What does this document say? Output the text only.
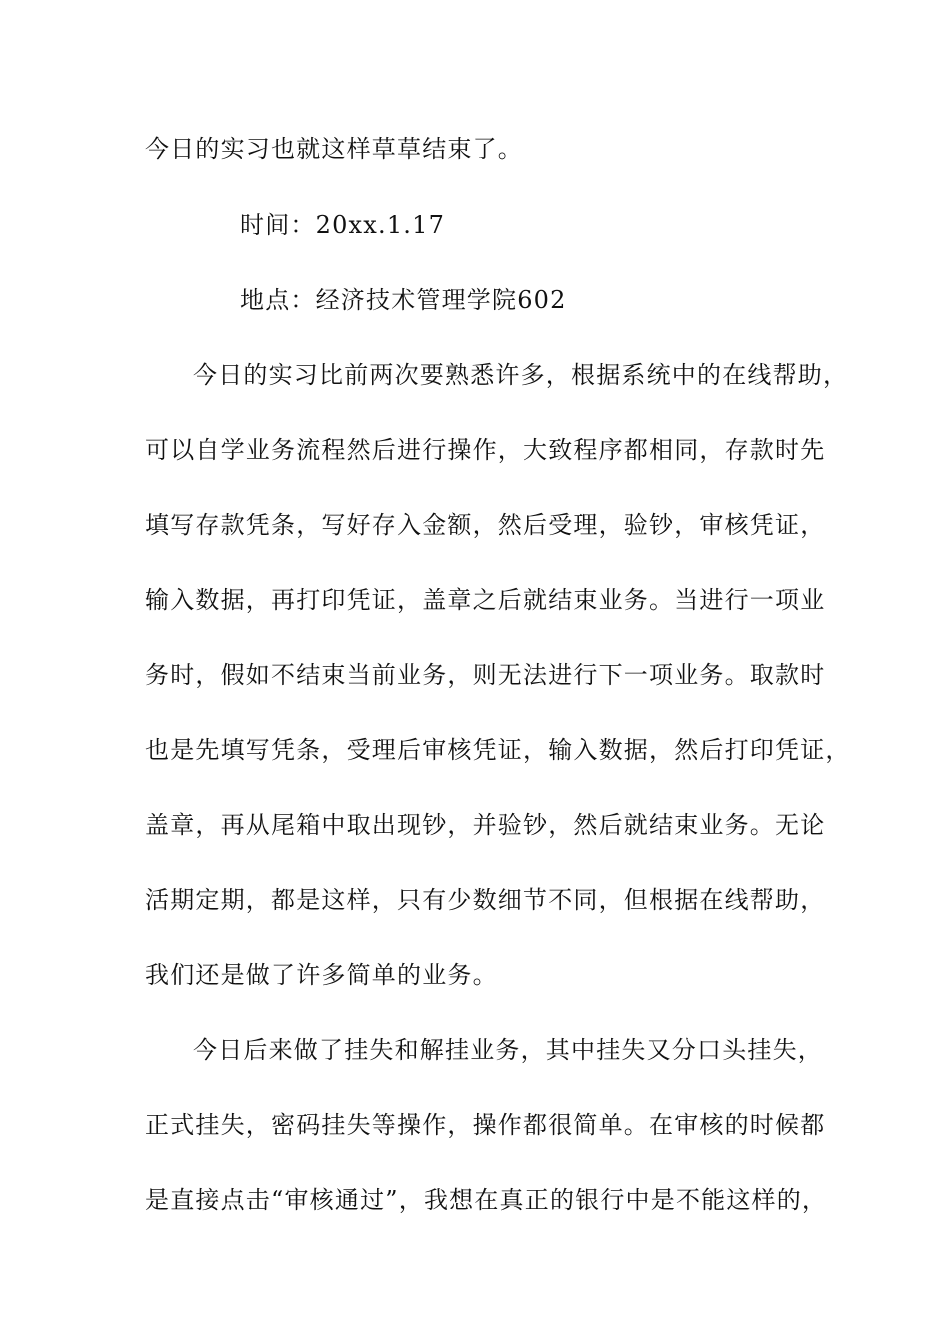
今日的实习也就这样草草结束了。
时间：20xx.1.17
地点：经济技术管理学院602
今日的实习比前两次要熟悉许多，根据系统中的在线帮助，
可以自学业务流程然后进行操作，大致程序都相同，存款时先
填写存款凭条，写好存入金额，然后受理，验钞，审核凭证，
输入数据，再打印凭证，盖章之后就结束业务。当进行一项业
务时，假如不结束当前业务，则无法进行下一项业务。取款时
也是先填写凭条，受理后审核凭证，输入数据，然后打印凭证，
盖章，再从尾箱中取出现钞，并验钞，然后就结束业务。无论
活期定期，都是这样，只有少数细节不同，但根据在线帮助，
我们还是做了许多简单的业务。
今日后来做了挂失和解挂业务，其中挂失又分口头挂失，
正式挂失，密码挂失等操作，操作都很简单。在审核的时候都
是直接点击“审核通过”，我想在真正的银行中是不能这样的，
